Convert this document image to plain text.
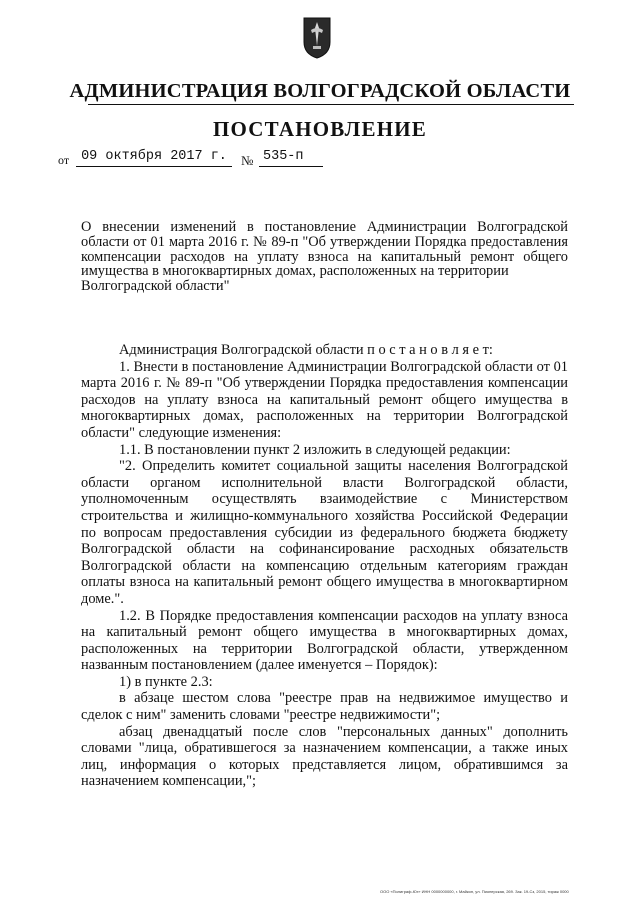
АДМИНИСТРАЦИЯ ВОЛГОГРАДСКОЙ ОБЛАСТИ
ПОСТАНОВЛЕНИЕ
от 09 октября 2017 г.	№ 535-п
О внесении изменений в постановление Администрации Волгоградской области от 01 марта 2016 г. № 89-п "Об утверждении Порядка предоставления компенсации расходов на уплату взноса на капитальный ремонт общего имущества в многоквартирных домах, расположенных на территории
Волгоградской области"

Администрация Волгоградской области п о с т а н о в л я е т:

1. Внести в постановление Администрации Волгоградской области от 01 марта 2016 г. № 89-п "Об утверждении Порядка предоставления компенсации расходов на уплату взноса на капитальный ремонт общего имущества в многоквартирных домах, расположенных на территории Волгоградской области" следующие изменения:

1.1. В постановлении пункт 2 изложить в следующей редакции:

"2. Определить комитет социальной защиты населения Волгоградской области органом исполнительной власти Волгоградской области, уполномоченным осуществлять взаимодействие с Министерством строительства и жилищно-коммунального хозяйства Российской Федерации по вопросам предоставления субсидии из федерального бюджета бюджету Волгоградской области на софинансирование расходных обязательств Волгоградской области на компенсацию отдельным категориям граждан оплаты взноса на капитальный ремонт общего имущества в многоквартирном доме.".

1.2. В Порядке предоставления компенсации расходов на уплату взноса на капитальный ремонт общего имущества в многоквартирных домах, расположенных на территории Волгоградской области, утвержденном названным постановлением (далее именуется – Порядок):

1) в пункте 2.3:

в абзаце шестом слова "реестре прав на недвижимое имущество и сделок с ним" заменить словами "реестре недвижимости";

абзац двенадцатый после слов "персональных данных" дополнить словами "лица, обратившегося за назначением компенсации, а также иных лиц, информация о которых представляется лицом, обратившимся за назначением компенсации,";

ООО «Полиграф-Юг» ИНН 0000000000, г. Майкоп, ул. Пионерская, 269. Зак. 19-Сз, 2015, тираж 0000
